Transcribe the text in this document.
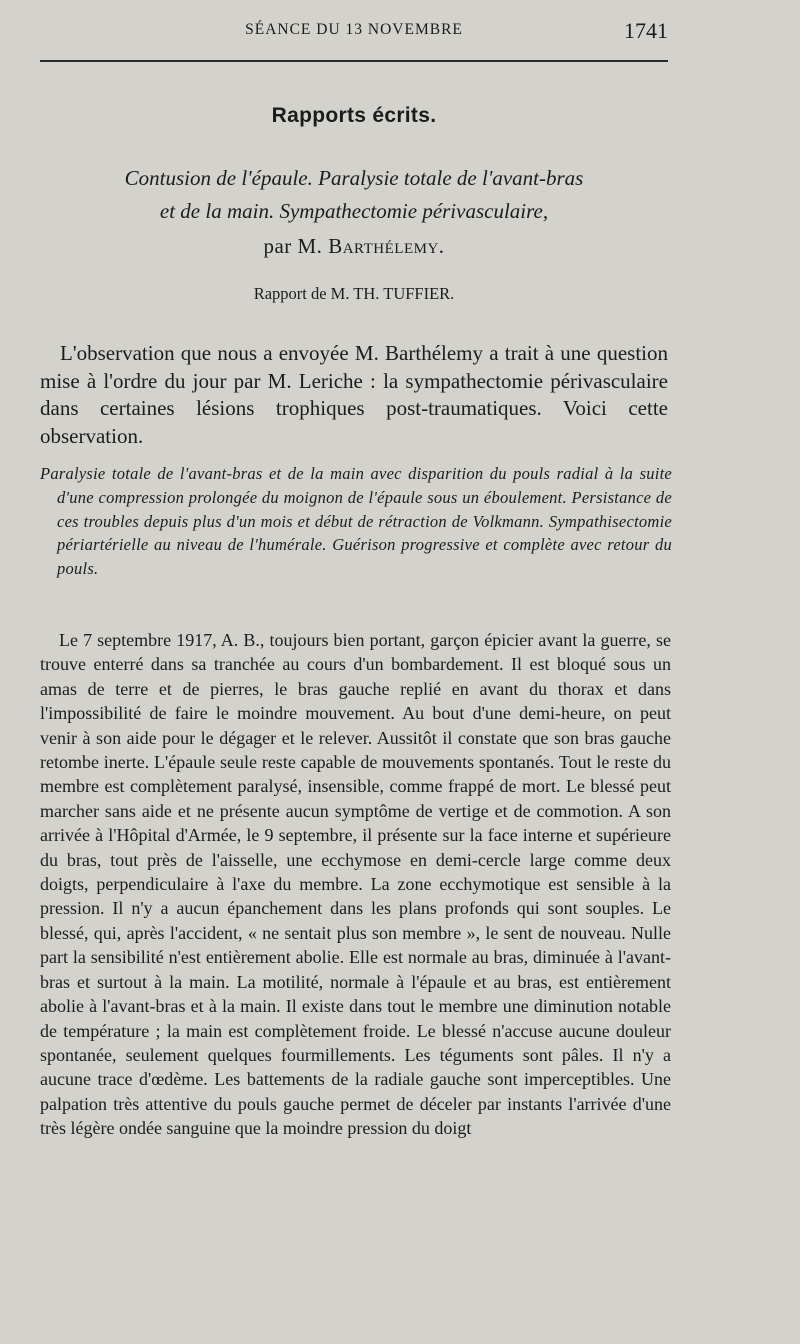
SÉANCE DU 13 NOVEMBRE	1741
Rapports écrits.
Contusion de l'épaule. Paralysie totale de l'avant-bras
et de la main. Sympathectomie périvasculaire,
par M. Barthélemy.
Rapport de M. TH. TUFFIER.

L'observation que nous a envoyée M. Barthélemy a trait à une question mise à l'ordre du jour par M. Leriche : la sympathectomie périvasculaire dans certaines lésions trophiques post-traumatiques. Voici cette observation.

Paralysie totale de l'avant-bras et de la main avec disparition du pouls radial à la suite d'une compression prolongée du moignon de l'épaule sous un éboulement. Persistance de ces troubles depuis plus d'un mois et début de rétraction de Volkmann. Sympathisectomie périartérielle au niveau de l'humérale. Guérison progressive et complète avec retour du pouls.

Le 7 septembre 1917, A. B., toujours bien portant, garçon épicier avant la guerre, se trouve enterré dans sa tranchée au cours d'un bombardement. Il est bloqué sous un amas de terre et de pierres, le bras gauche replié en avant du thorax et dans l'impossibilité de faire le moindre mouvement. Au bout d'une demi-heure, on peut venir à son aide pour le dégager et le relever. Aussitôt il constate que son bras gauche retombe inerte. L'épaule seule reste capable de mouvements spontanés. Tout le reste du membre est complètement paralysé, insensible, comme frappé de mort. Le blessé peut marcher sans aide et ne présente aucun symptôme de vertige et de commotion. A son arrivée à l'Hôpital d'Armée, le 9 septembre, il présente sur la face interne et supérieure du bras, tout près de l'aisselle, une ecchymose en demi-cercle large comme deux doigts, perpendiculaire à l'axe du membre. La zone ecchymotique est sensible à la pression. Il n'y a aucun épanchement dans les plans profonds qui sont souples. Le blessé, qui, après l'accident, « ne sentait plus son membre », le sent de nouveau. Nulle part la sensibilité n'est entièrement abolie. Elle est normale au bras, diminuée à l'avant-bras et surtout à la main. La motilité, normale à l'épaule et au bras, est entièrement abolie à l'avant-bras et à la main. Il existe dans tout le membre une diminution notable de température ; la main est complètement froide. Le blessé n'accuse aucune douleur spontanée, seulement quelques fourmillements. Les téguments sont pâles. Il n'y a aucune trace d'œdème. Les battements de la radiale gauche sont imperceptibles. Une palpation très attentive du pouls gauche permet de déceler par instants l'arrivée d'une très légère ondée sanguine que la moindre pression du doigt
